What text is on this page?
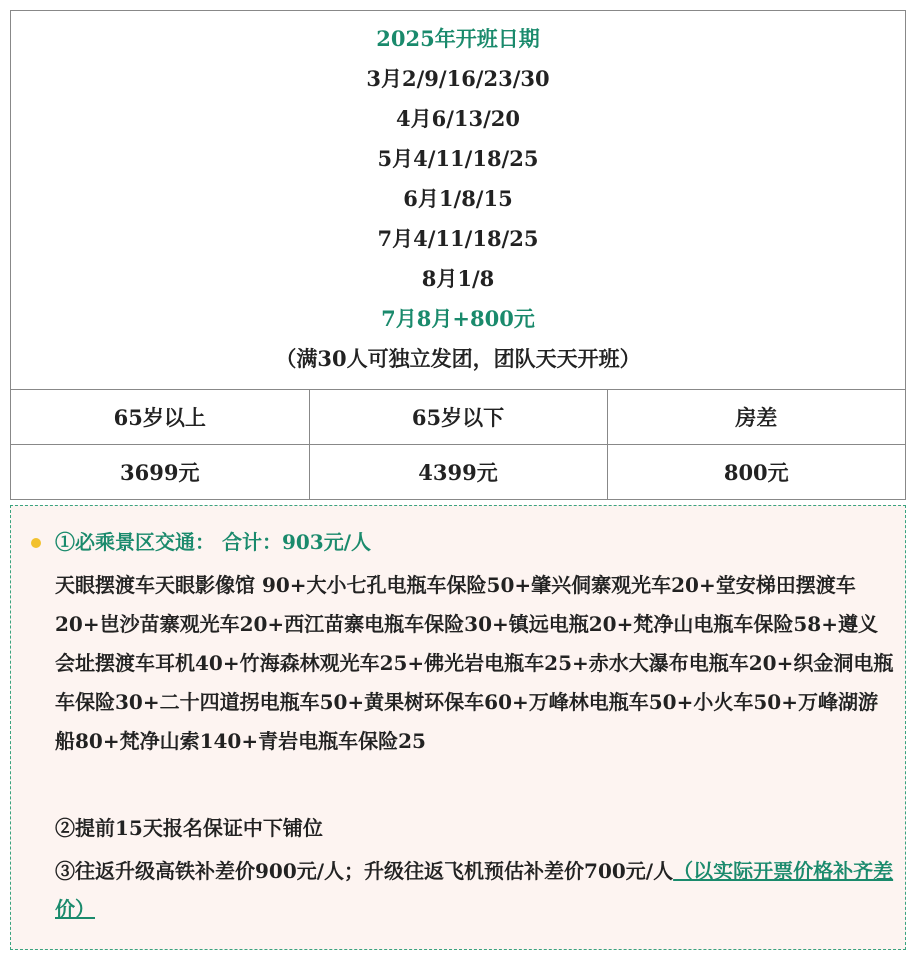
2025年开班日期
3月2/9/16/23/30
4月6/13/20
5月4/11/18/25
6月1/8/15
7月4/11/18/25
8月1/8
7月8月+800元
（满30人可独立发团，团队天天开班）
65岁以上	65岁以下	房差
3699元	4399元	800元
①必乘景区交通： 合计：903元/人
天眼摆渡车天眼影像馆 90+大小七孔电瓶车保险50+肇兴侗寨观光车20+堂安梯田摆渡车20+岜沙苗寨观光车20+西江苗寨电瓶车保险30+镇远电瓶20+梵净山电瓶车保险58+遵义会址摆渡车耳机40+竹海森林观光车25+佛光岩电瓶车25+赤水大瀑布电瓶车20+织金洞电瓶车保险30+二十四道拐电瓶车50+黄果树环保车60+万峰林电瓶车50+小火车50+万峰湖游船80+梵净山索140+青岩电瓶车保险25
②提前15天报名保证中下铺位
③往返升级高铁补差价900元/人；升级往返飞机预估补差价700元/人（以实际开票价格补齐差价）
